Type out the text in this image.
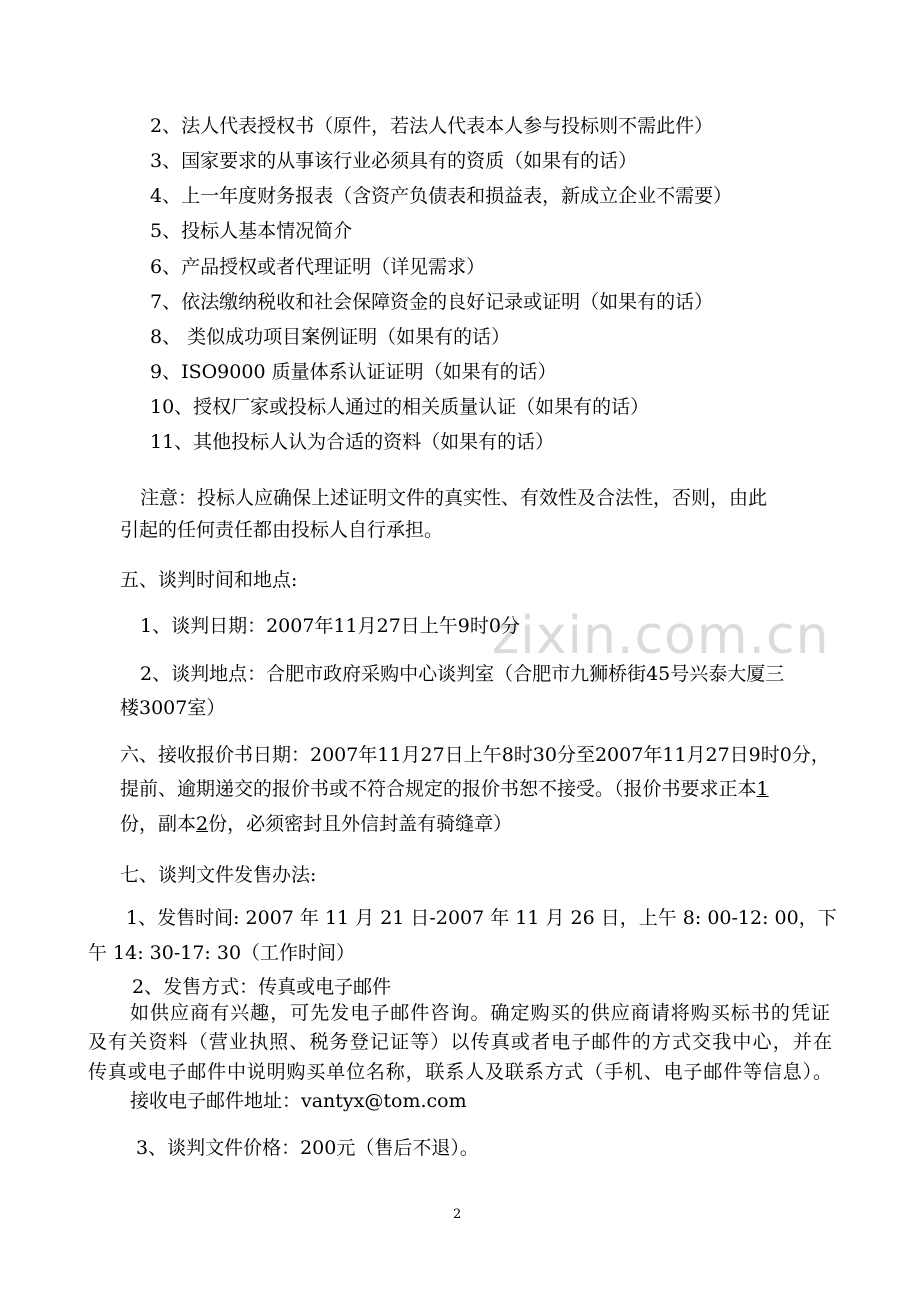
zixin.com.cn
2、法人代表授权书（原件，若法人代表本人参与投标则不需此件）
3、国家要求的从事该行业必须具有的资质（如果有的话）
4、上一年度财务报表（含资产负债表和损益表，新成立企业不需要）
5、投标人基本情况简介
6、产品授权或者代理证明（详见需求）
7、依法缴纳税收和社会保障资金的良好记录或证明（如果有的话）
8、 类似成功项目案例证明（如果有的话）
9、ISO9000 质量体系认证证明（如果有的话）
10、授权厂家或投标人通过的相关质量认证（如果有的话）
11、其他投标人认为合适的资料（如果有的话）
注意：投标人应确保上述证明文件的真实性、有效性及合法性，否则，由此
引起的任何责任都由投标人自行承担。
五、谈判时间和地点:
1、谈判日期：2007年11月27日上午9时0分
2、谈判地点：合肥市政府采购中心谈判室（合肥市九狮桥街45号兴泰大厦三
楼3007室）
六、接收报价书日期：2007年11月27日上午8时30分至2007年11月27日9时0分，
提前、逾期递交的报价书或不符合规定的报价书恕不接受。（报价书要求正本1
份，副本2份，必须密封且外信封盖有骑缝章）
七、谈判文件发售办法:
1、发售时间: 2007 年 11 月 21 日-2007 年 11 月 26 日，上午 8: 00-12: 00，下
午 14: 30-17: 30（工作时间）
2、发售方式：传真或电子邮件
如供应商有兴趣，可先发电子邮件咨询。确定购买的供应商请将购买标书的凭证
及有关资料（营业执照、税务登记证等）以传真或者电子邮件的方式交我中心，并在
传真或电子邮件中说明购买单位名称，联系人及联系方式（手机、电子邮件等信息）。
接收电子邮件地址：vantyx@tom.com
3、谈判文件价格：200元（售后不退）。
2
